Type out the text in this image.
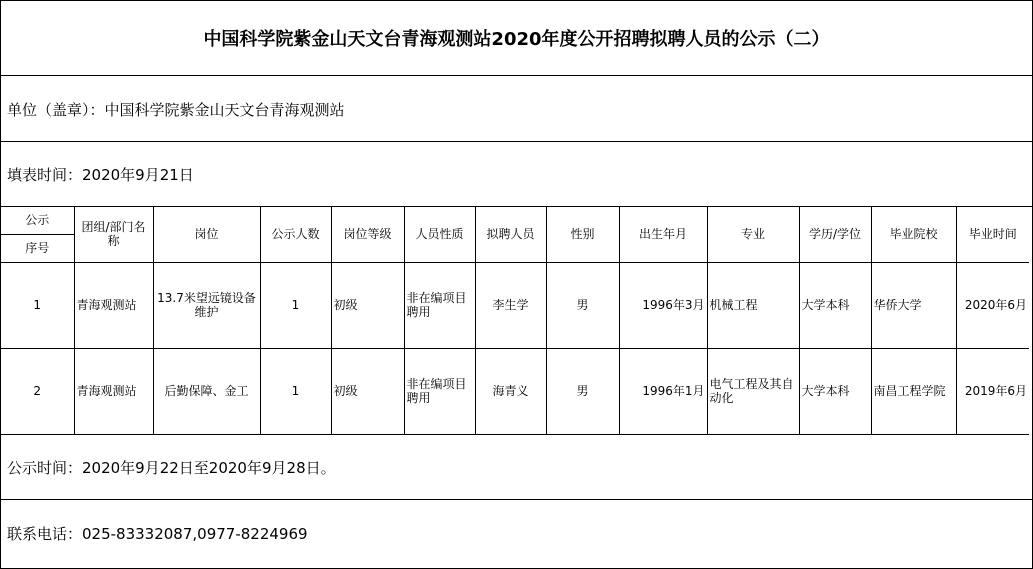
中国科学院紫金山天文台青海观测站2020年度公开招聘拟聘人员的公示（二）
单位（盖章）：中国科学院紫金山天文台青海观测站
填表时间：2020年9月21日
公示	团组/部门名称	岗位	公示人数	岗位等级	人员性质	拟聘人员	性别	出生年月	专业	学历/学位	毕业院校	毕业时间
序号												
1	青海观测站	13.7米望远镜设备维护	1	初级	非在编项目聘用	李生学	男	1996年3月	机械工程	大学本科	华侨大学	2020年6月
2	青海观测站	后勤保障、金工	1	初级	非在编项目聘用	海青义	男	1996年1月	电气工程及其自动化	大学本科	南昌工程学院	2019年6月
公示时间：2020年9月22日至2020年9月28日。
联系电话：025-83332087,0977-8224969
